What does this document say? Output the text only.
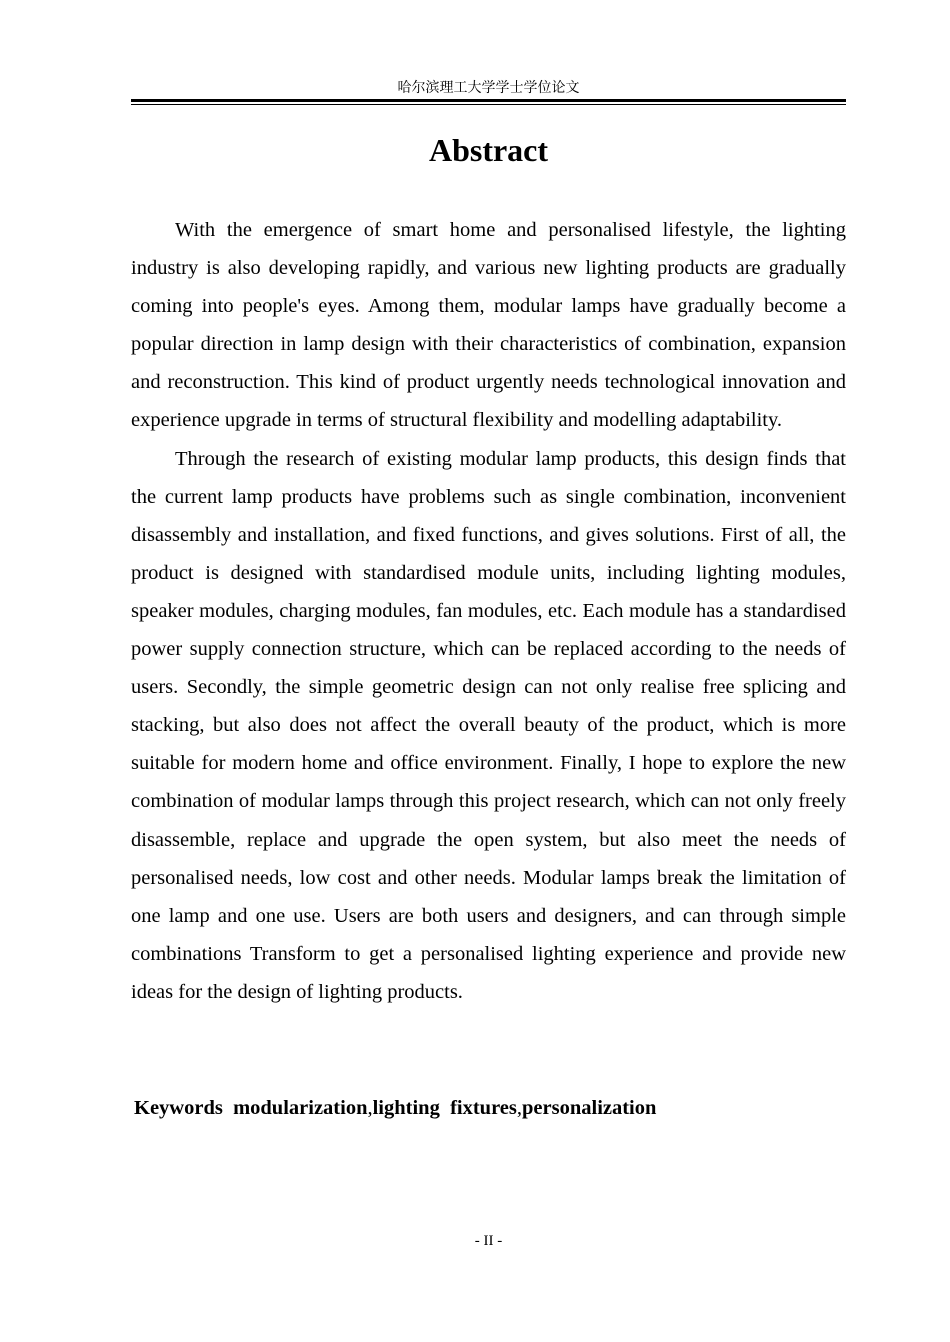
哈尔滨理工大学学士学位论文
Abstract

With the emergence of smart home and personalised lifestyle, the lighting industry is also developing rapidly, and various new lighting products are gradually coming into people's eyes. Among them, modular lamps have gradually become a popular direction in lamp design with their characteristics of combination, expansion and reconstruction. This kind of product urgently needs technological innovation and experience upgrade in terms of structural flexibility and modelling adaptability.

Through the research of existing modular lamp products, this design finds that the current lamp products have problems such as single combination, inconvenient disassembly and installation, and fixed functions, and gives solutions. First of all, the product is designed with standardised module units, including lighting modules, speaker modules, charging modules, fan modules, etc. Each module has a standardised power supply connection structure, which can be replaced according to the needs of users. Secondly, the simple geometric design can not only realise free splicing and stacking, but also does not affect the overall beauty of the product, which is more suitable for modern home and office environment. Finally, I hope to explore the new combination of modular lamps through this project research, which can not only freely disassemble, replace and upgrade the open system, but also meet the needs of personalised needs, low cost and other needs. Modular lamps break the limitation of one lamp and one use. Users are both users and designers, and can through simple combinations Transform to get a personalised lighting experience and provide new ideas for the design of lighting products.

Keywords modularization,lighting  fixtures,personalization
- II -
